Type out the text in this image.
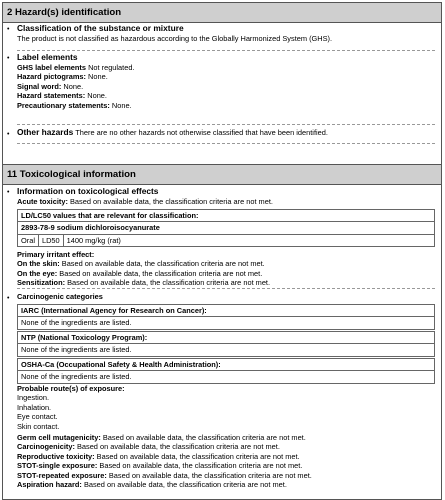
2 Hazard(s) identification
• Classification of the substance or mixture
The product is not classified as hazardous according to the Globally Harmonized System (GHS).
• Label elements
GHS label elements Not regulated.
Hazard pictograms: None.
Signal word: None.
Hazard statements: None.
Precautionary statements: None.
• Other hazards There are no other hazards not otherwise classified that have been identified.
11 Toxicological information
• Information on toxicological effects
Acute toxicity: Based on available data, the classification criteria are not met.
LD/LC50 values that are relevant for classification:
2893-78-9 sodium dichloroisocyanurate
Oral LD50 1400 mg/kg (rat)
Primary irritant effect:
On the skin: Based on available data, the classification criteria are not met.
On the eye: Based on available data, the classification criteria are not met.
Sensitization: Based on available data, the classification criteria are not met.
• Carcinogenic categories
IARC (International Agency for Research on Cancer):
None of the ingredients are listed.
NTP (National Toxicology Program):
None of the ingredients are listed.
OSHA-Ca (Occupational Safety & Health Administration):
None of the ingredients are listed.
Probable route(s) of exposure:
Ingestion.
Inhalation.
Eye contact.
Skin contact.
Germ cell mutagenicity: Based on available data, the classification criteria are not met.
Carcinogenicity: Based on available data, the classification criteria are not met.
Reproductive toxicity: Based on available data, the classification criteria are not met.
STOT-single exposure: Based on available data, the classification criteria are not met.
STOT-repeated exposure: Based on available data, the classification criteria are not met.
Aspiration hazard: Based on available data, the classification criteria are not met.
